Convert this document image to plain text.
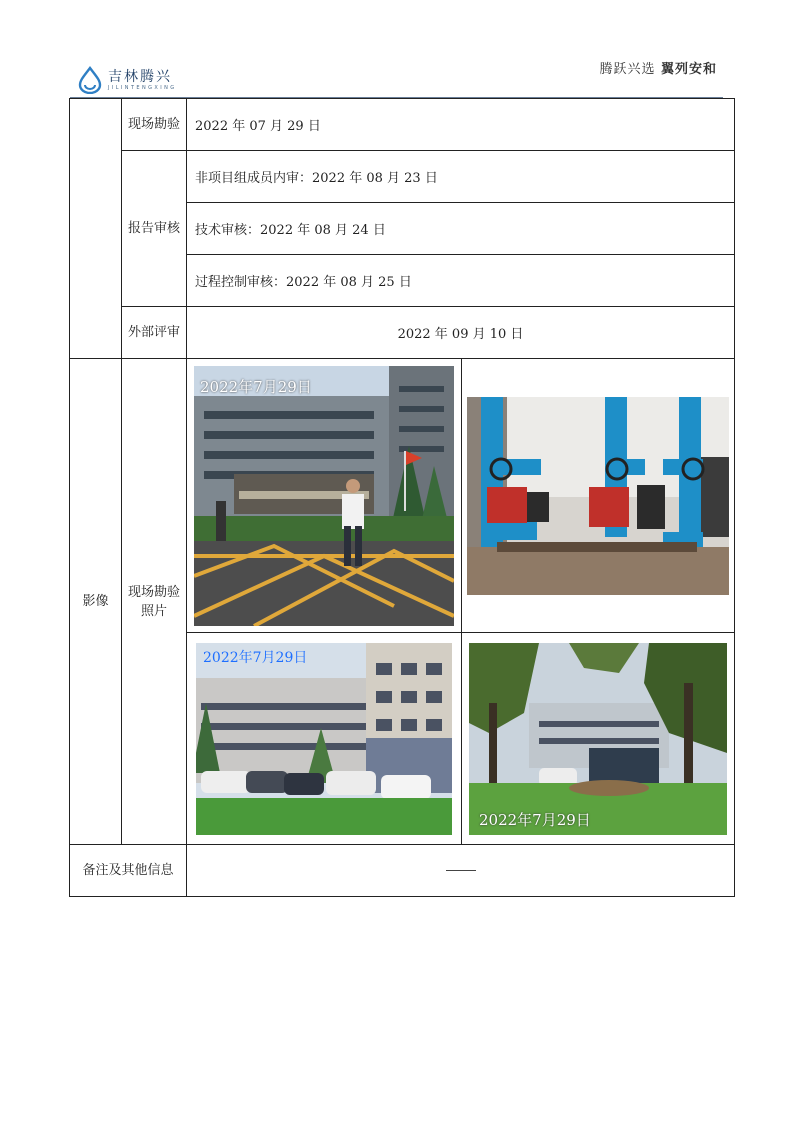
吉林腾兴
JILINTENGXING
腾跃兴选 翼列安和
	现场勘验	2022 年 07 月 29 日	
	报告审核	非项目组成员内审：2022 年 08 月 23 日	
		技术审核：2022 年 08 月 24 日	
		过程控制审核：2022 年 08 月 25 日	
	外部评审	2022 年 09 月 10 日	
影像	现场勘验照片	2022年7月29日

		2022年7月29日	2022年7月29日

备注及其他信息			
